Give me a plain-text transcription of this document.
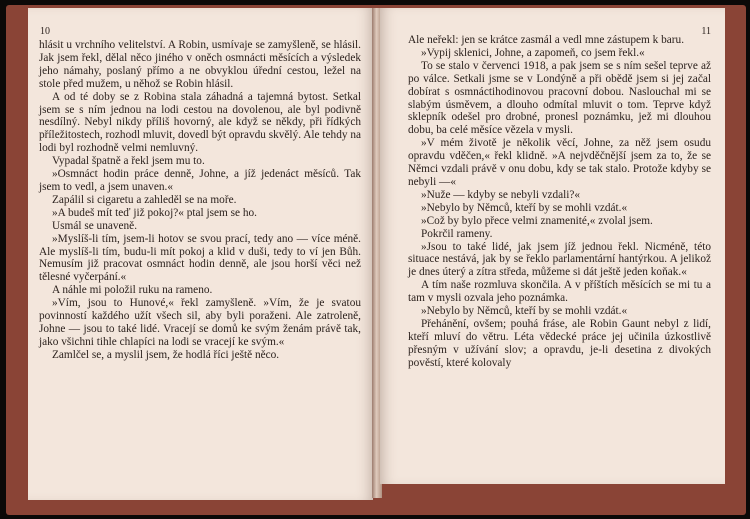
10

hlásit u vrchního velitelství. A Robin, usmívaje se zamyšleně, se hlásil. Jak jsem řekl, dělal něco jiného v oněch osmnácti měsících a výsledek jeho námahy, poslaný přímo a ne obvyklou úřední cestou, ležel na stole před mužem, u něhož se Robin hlásil.

A od té doby se z Robina stala záhadná a tajemná bytost. Setkal jsem se s ním jednou na lodi cestou na dovolenou, ale byl podivně nesdílný. Nebyl nikdy příliš hovorný, ale když se někdy, při řídkých příležitostech, rozhodl mluvit, dovedl být opravdu skvělý. Ale tehdy na lodi byl rozhodně velmi nemluvný.

Vypadal špatně a řekl jsem mu to.

»Osmnáct hodin práce denně, Johne, a jíž jedenáct měsíců. Tak jsem to vedl, a jsem unaven.«

Zapálil si cigaretu a zahleděl se na moře.

»A budeš mít teď již pokoj?« ptal jsem se ho.

Usmál se unaveně.

»Myslíš-li tím, jsem-li hotov se svou prací, tedy ano — více méně. Ale myslíš-li tím, budu-li mít pokoj a klid v duši, tedy to ví jen Bůh. Nemusím již pracovat osmnáct hodin denně, ale jsou horší věci než tělesné vyčerpání.«

A náhle mi položil ruku na rameno.

»Vím, jsou to Hunové,« řekl zamyšleně. »Vím, že je svatou povinností každého užít všech sil, aby byli poraženi. Ale zatroleně, Johne — jsou to také lidé. Vracejí se domů ke svým ženám právě tak, jako všichni tihle chlapíci na lodi se vracejí ke svým.«

Zamlčel se, a myslil jsem, že hodlá říci ještě něco.

11

Ale neřekl: jen se krátce zasmál a vedl mne zástupem k baru.

»Vypij sklenici, Johne, a zapomeň, co jsem řekl.«

To se stalo v červenci 1918, a pak jsem se s ním sešel teprve až po válce. Setkali jsme se v Londýně a při obědě jsem si jej začal dobírat s osmnáctihodinovou pracovní dobou. Naslouchal mi se slabým úsměvem, a dlouho odmítal mluvit o tom. Teprve když sklepník odešel pro drobné, pronesl poznámku, jež mi dlouhou dobu, ba celé měsíce vězela v mysli.

»V mém životě je několik věcí, Johne, za něž jsem osudu opravdu vděčen,« řekl klidně. »A nejvděčnější jsem za to, že se Němci vzdali právě v onu dobu, kdy se tak stalo. Protože kdyby se nebyli —«

»Nuže — kdyby se nebyli vzdali?«

»Nebylo by Němců, kteří by se mohli vzdát.«

»Což by bylo přece velmi znamenité,« zvolal jsem.

Pokrčil rameny.

»Jsou to také lidé, jak jsem jíž jednou řekl. Nicméně, této situace nestává, jak by se řeklo parlamentární hantýrkou. A jelikož je dnes úterý a zítra středa, můžeme si dát ještě jeden koňak.«

A tím naše rozmluva skončila. A v příštích měsících se mi tu a tam v mysli ozvala jeho poznámka.

»Nebylo by Němců, kteří by se mohli vzdát.«

Přehánění, ovšem; pouhá fráse, ale Robin Gaunt nebyl z lidí, kteří mluví do větru. Léta vědecké práce jej učinila úzkostlivě přesným v užívání slov; a opravdu, je-li desetina z divokých pověstí, které kolovaly
